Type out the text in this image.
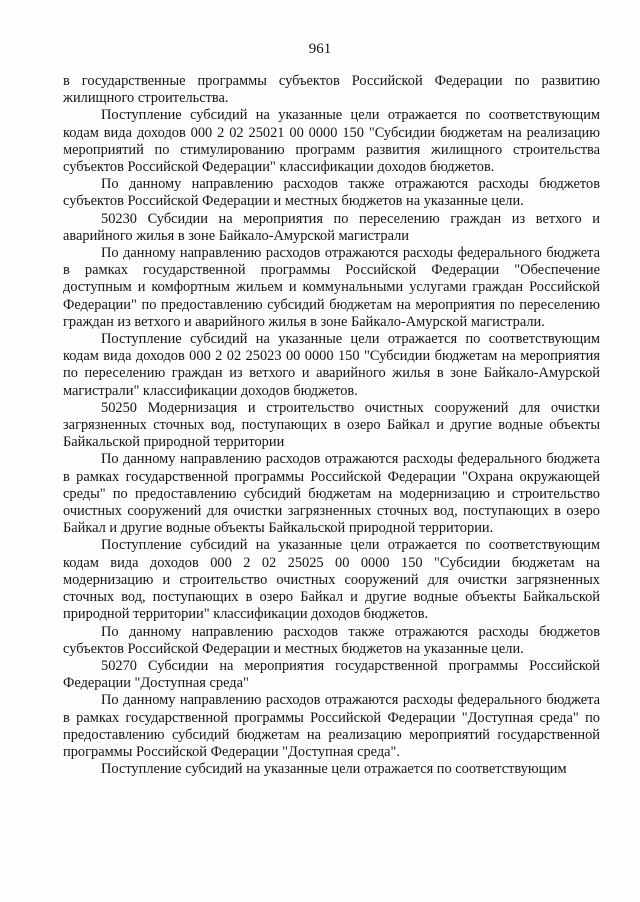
961

в государственные программы субъектов Российской Федерации по развитию жилищного строительства.

Поступление субсидий на указанные цели отражается по соответствующим кодам вида доходов 000 2 02 25021 00 0000 150 "Субсидии бюджетам на реализацию мероприятий по стимулированию программ развития жилищного строительства субъектов Российской Федерации" классификации доходов бюджетов.

По данному направлению расходов также отражаются расходы бюджетов субъектов Российской Федерации и местных бюджетов на указанные цели.

50230 Субсидии на мероприятия по переселению граждан из ветхого и аварийного жилья в зоне Байкало-Амурской магистрали

По данному направлению расходов отражаются расходы федерального бюджета в рамках государственной программы Российской Федерации "Обеспечение доступным и комфортным жильем и коммунальными услугами граждан Российской Федерации" по предоставлению субсидий бюджетам на мероприятия по переселению граждан из ветхого и аварийного жилья в зоне Байкало-Амурской магистрали.

Поступление субсидий на указанные цели отражается по соответствующим кодам вида доходов 000 2 02 25023 00 0000 150 "Субсидии бюджетам на мероприятия по переселению граждан из ветхого и аварийного жилья в зоне Байкало-Амурской магистрали" классификации доходов бюджетов.

50250 Модернизация и строительство очистных сооружений для очистки загрязненных сточных вод, поступающих в озеро Байкал и другие водные объекты Байкальской природной территории

По данному направлению расходов отражаются расходы федерального бюджета в рамках государственной программы Российской Федерации "Охрана окружающей среды" по предоставлению субсидий бюджетам на модернизацию и строительство очистных сооружений для очистки загрязненных сточных вод, поступающих в озеро Байкал и другие водные объекты Байкальской природной территории.

Поступление субсидий на указанные цели отражается по соответствующим кодам вида доходов 000 2 02 25025 00 0000 150 "Субсидии бюджетам на модернизацию и строительство очистных сооружений для очистки загрязненных сточных вод, поступающих в озеро Байкал и другие водные объекты Байкальской природной территории" классификации доходов бюджетов.

По данному направлению расходов также отражаются расходы бюджетов субъектов Российской Федерации и местных бюджетов на указанные цели.

50270 Субсидии на мероприятия государственной программы Российской Федерации "Доступная среда"

По данному направлению расходов отражаются расходы федерального бюджета в рамках государственной программы Российской Федерации "Доступная среда" по предоставлению субсидий бюджетам на реализацию мероприятий государственной программы Российской Федерации "Доступная среда".

Поступление субсидий на указанные цели отражается по соответствующим
